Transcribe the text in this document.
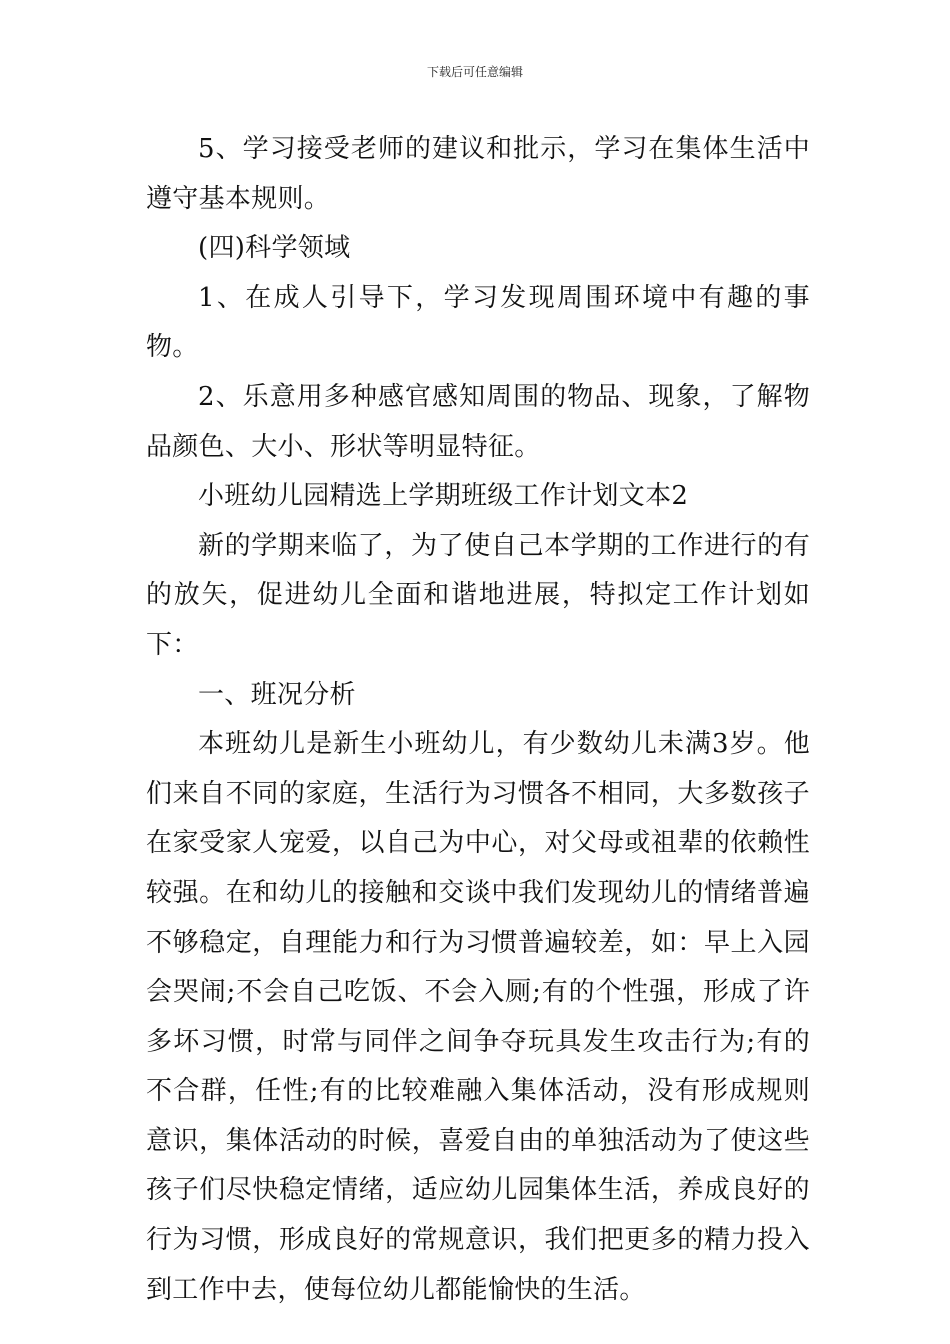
下载后可任意编辑

5、学习接受老师的建议和批示，学习在集体生活中遵守基本规则。

(四)科学领域

1、在成人引导下，学习发现周围环境中有趣的事物。

2、乐意用多种感官感知周围的物品、现象，了解物品颜色、大小、形状等明显特征。

小班幼儿园精选上学期班级工作计划文本2

新的学期来临了，为了使自己本学期的工作进行的有的放矢，促进幼儿全面和谐地进展，特拟定工作计划如下：

一、班况分析

本班幼儿是新生小班幼儿，有少数幼儿未满3岁。他们来自不同的家庭，生活行为习惯各不相同，大多数孩子在家受家人宠爱，以自己为中心，对父母或祖辈的依赖性较强。在和幼儿的接触和交谈中我们发现幼儿的情绪普遍不够稳定，自理能力和行为习惯普遍较差，如：早上入园会哭闹;不会自己吃饭、不会入厕;有的个性强，形成了许多坏习惯，时常与同伴之间争夺玩具发生攻击行为;有的不合群，任性;有的比较难融入集体活动，没有形成规则意识，集体活动的时候，喜爱自由的单独活动为了使这些孩子们尽快稳定情绪，适应幼儿园集体生活，养成良好的行为习惯，形成良好的常规意识，我们把更多的精力投入到工作中去，使每位幼儿都能愉快的生活。
